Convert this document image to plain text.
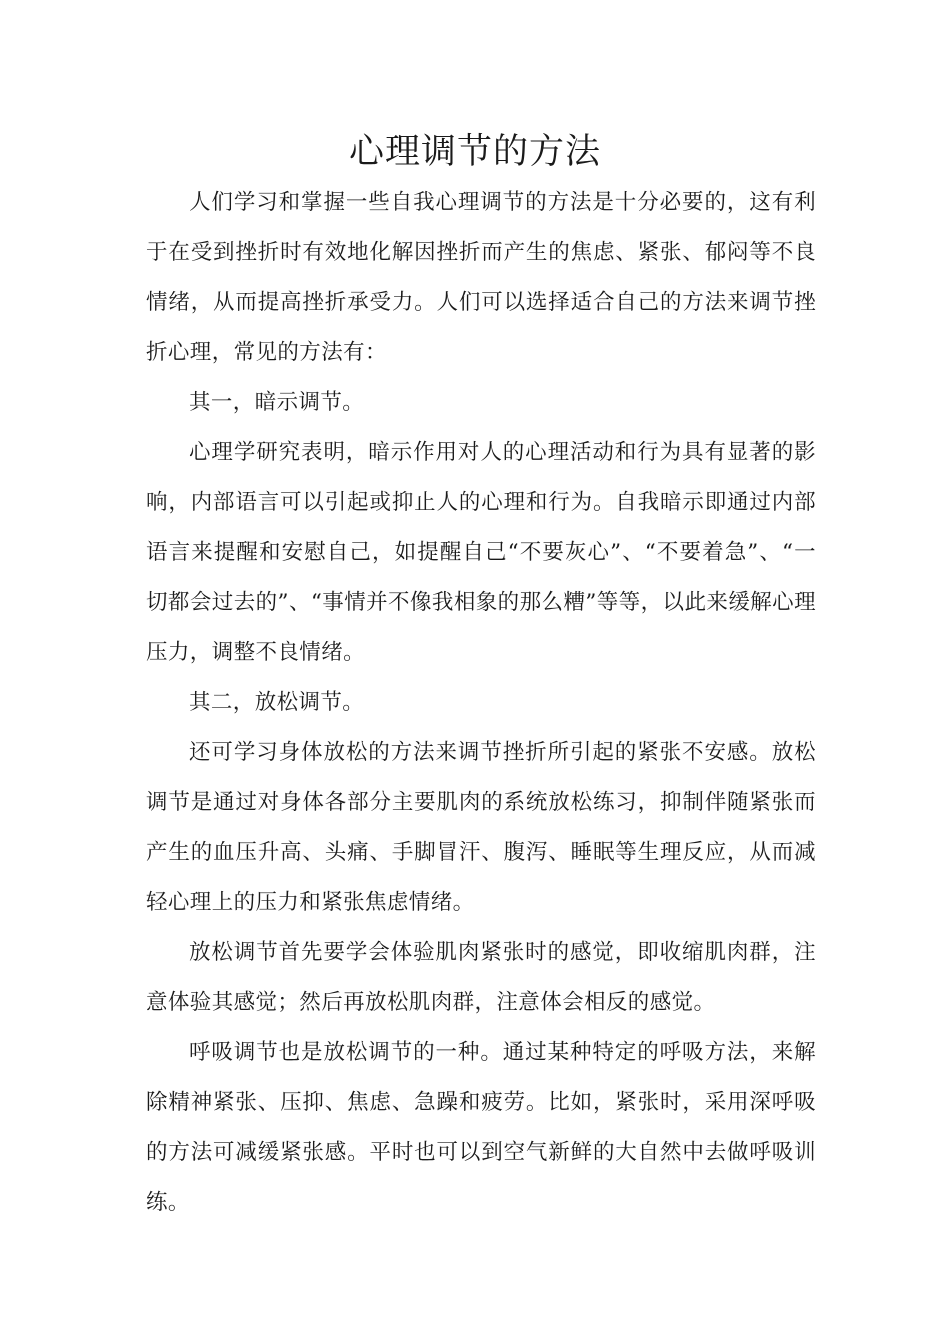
心理调节的方法

人们学习和掌握一些自我心理调节的方法是十分必要的，这有利于在受到挫折时有效地化解因挫折而产生的焦虑、紧张、郁闷等不良情绪，从而提高挫折承受力。人们可以选择适合自己的方法来调节挫折心理，常见的方法有：

其一，暗示调节。

心理学研究表明，暗示作用对人的心理活动和行为具有显著的影响，内部语言可以引起或抑止人的心理和行为。自我暗示即通过内部语言来提醒和安慰自己，如提醒自己“不要灰心”、“不要着急”、“一切都会过去的”、“事情并不像我相象的那么糟”等等，以此来缓解心理压力，调整不良情绪。

其二，放松调节。

还可学习身体放松的方法来调节挫折所引起的紧张不安感。放松调节是通过对身体各部分主要肌肉的系统放松练习，抑制伴随紧张而产生的血压升高、头痛、手脚冒汗、腹泻、睡眠等生理反应，从而减轻心理上的压力和紧张焦虑情绪。

放松调节首先要学会体验肌肉紧张时的感觉，即收缩肌肉群，注意体验其感觉；然后再放松肌肉群，注意体会相反的感觉。

呼吸调节也是放松调节的一种。通过某种特定的呼吸方法，来解除精神紧张、压抑、焦虑、急躁和疲劳。比如，紧张时，采用深呼吸的方法可减缓紧张感。平时也可以到空气新鲜的大自然中去做呼吸训练。
